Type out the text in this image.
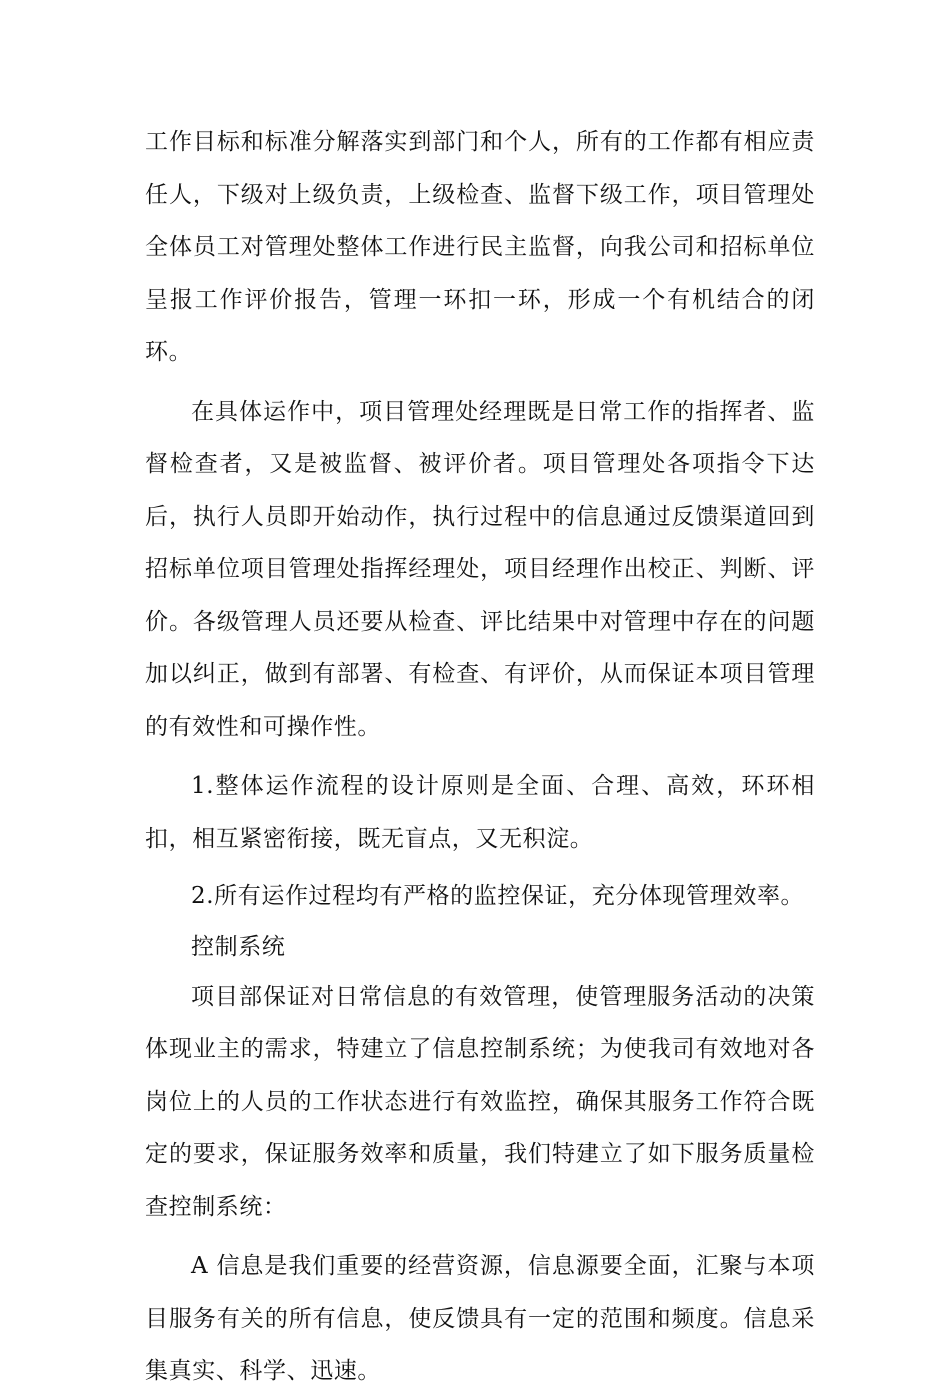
工作目标和标准分解落实到部门和个人，所有的工作都有相应责任人，下级对上级负责，上级检查、监督下级工作，项目管理处全体员工对管理处整体工作进行民主监督，向我公司和招标单位呈报工作评价报告，管理一环扣一环，形成一个有机结合的闭环。

在具体运作中，项目管理处经理既是日常工作的指挥者、监督检查者，又是被监督、被评价者。项目管理处各项指令下达后，执行人员即开始动作，执行过程中的信息通过反馈渠道回到招标单位项目管理处指挥经理处，项目经理作出校正、判断、评价。各级管理人员还要从检查、评比结果中对管理中存在的问题加以纠正，做到有部署、有检查、有评价，从而保证本项目管理的有效性和可操作性。

1.整体运作流程的设计原则是全面、合理、高效，环环相扣，相互紧密衔接，既无盲点，又无积淀。

2.所有运作过程均有严格的监控保证，充分体现管理效率。

控制系统

项目部保证对日常信息的有效管理，使管理服务活动的决策体现业主的需求，特建立了信息控制系统；为使我司有效地对各岗位上的人员的工作状态进行有效监控，确保其服务工作符合既定的要求，保证服务效率和质量，我们特建立了如下服务质量检查控制系统：

A 信息是我们重要的经营资源，信息源要全面，汇聚与本项目服务有关的所有信息，使反馈具有一定的范围和频度。信息采集真实、科学、迅速。
